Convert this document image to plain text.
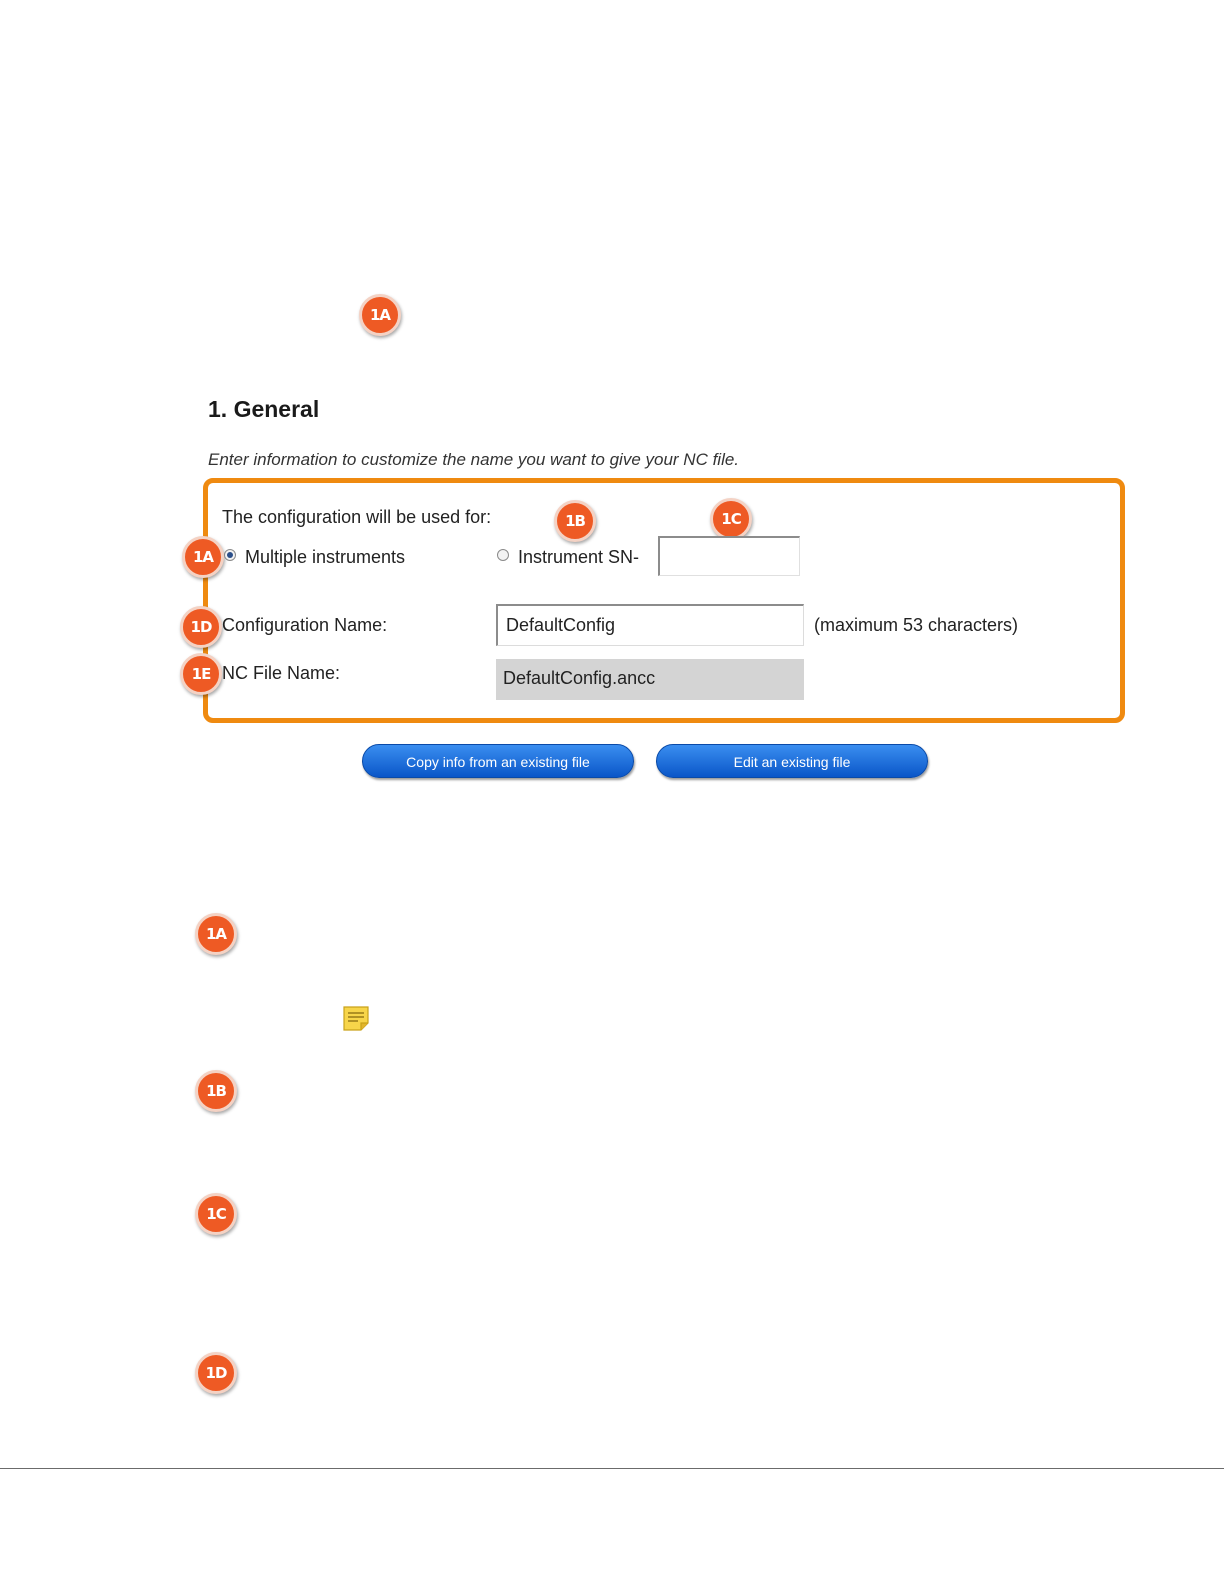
1A
1. General
Enter information to customize the name you want to give your NC file.
The configuration will be used for:	1B	1C
1A	Multiple instruments	Instrument SN-
1D Configuration Name:	DefaultConfig	(maximum 53 characters)
1E NC File Name:	DefaultConfig.ancc
Copy info from an existing file	Edit an existing file
1A
1B
1C
1D
